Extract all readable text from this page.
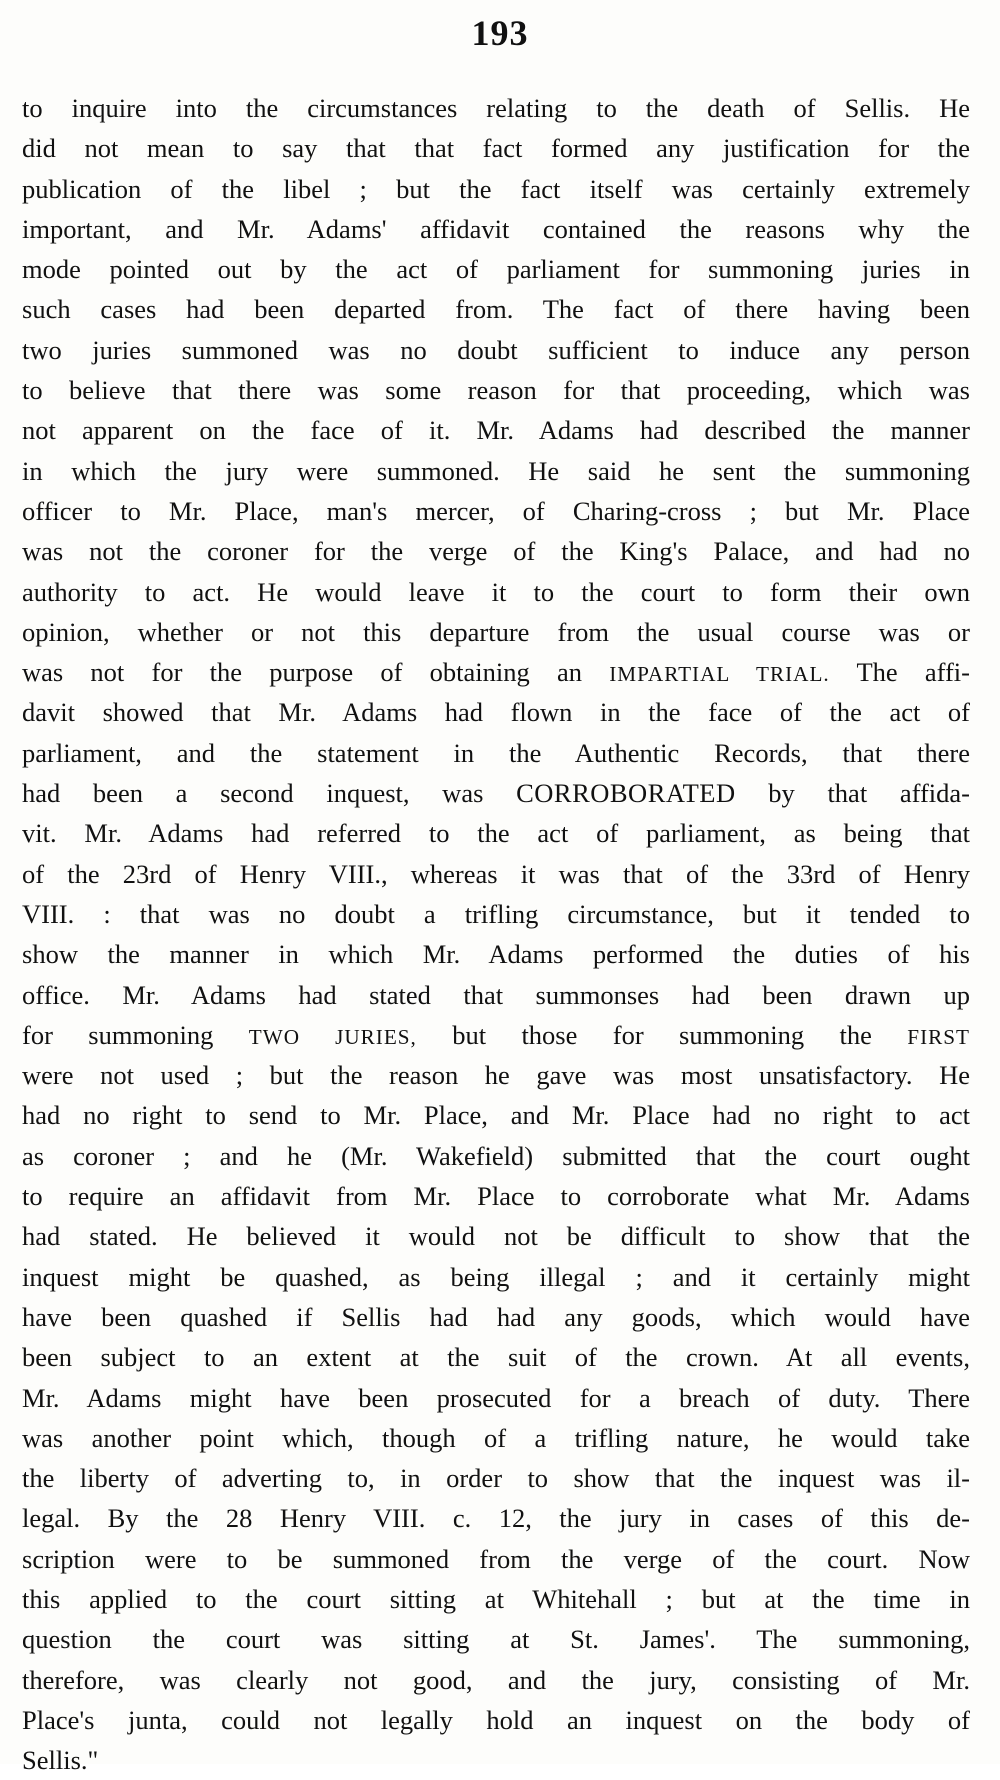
193
to inquire into the circumstances relating to the death of Sellis. He
did not mean to say that that fact formed any justification for the
publication of the libel ; but the fact itself was certainly extremely
important, and Mr. Adams' affidavit contained the reasons why the
mode pointed out by the act of parliament for summoning juries in
such cases had been departed from. The fact of there having been
two juries summoned was no doubt sufficient to induce any person
to believe that there was some reason for that proceeding, which was
not apparent on the face of it. Mr. Adams had described the manner
in which the jury were summoned. He said he sent the summoning
officer to Mr. Place, man's mercer, of Charing-cross ; but Mr. Place
was not the coroner for the verge of the King's Palace, and had no
authority to act. He would leave it to the court to form their own
opinion, whether or not this departure from the usual course was or
was not for the purpose of obtaining an IMPARTIAL TRIAL. The affi-
davit showed that Mr. Adams had flown in the face of the act of
parliament, and the statement in the Authentic Records, that there
had been a second inquest, was CORROBORATED by that affida-
vit. Mr. Adams had referred to the act of parliament, as being that
of the 23rd of Henry VIII., whereas it was that of the 33rd of Henry
VIII. : that was no doubt a trifling circumstance, but it tended to
show the manner in which Mr. Adams performed the duties of his
office. Mr. Adams had stated that summonses had been drawn up
for summoning TWO JURIES, but those for summoning the FIRST
were not used ; but the reason he gave was most unsatisfactory. He
had no right to send to Mr. Place, and Mr. Place had no right to act
as coroner ; and he (Mr. Wakefield) submitted that the court ought
to require an affidavit from Mr. Place to corroborate what Mr. Adams
had stated. He believed it would not be difficult to show that the
inquest might be quashed, as being illegal ; and it certainly might
have been quashed if Sellis had had any goods, which would have
been subject to an extent at the suit of the crown. At all events,
Mr. Adams might have been prosecuted for a breach of duty. There
was another point which, though of a trifling nature, he would take
the liberty of adverting to, in order to show that the inquest was il-
legal. By the 28 Henry VIII. c. 12, the jury in cases of this de-
scription were to be summoned from the verge of the court. Now
this applied to the court sitting at Whitehall ; but at the time in
question the court was sitting at St. James'. The summoning,
therefore, was clearly not good, and the jury, consisting of Mr.
Place's junta, could not legally hold an inquest on the body of
Sellis."
